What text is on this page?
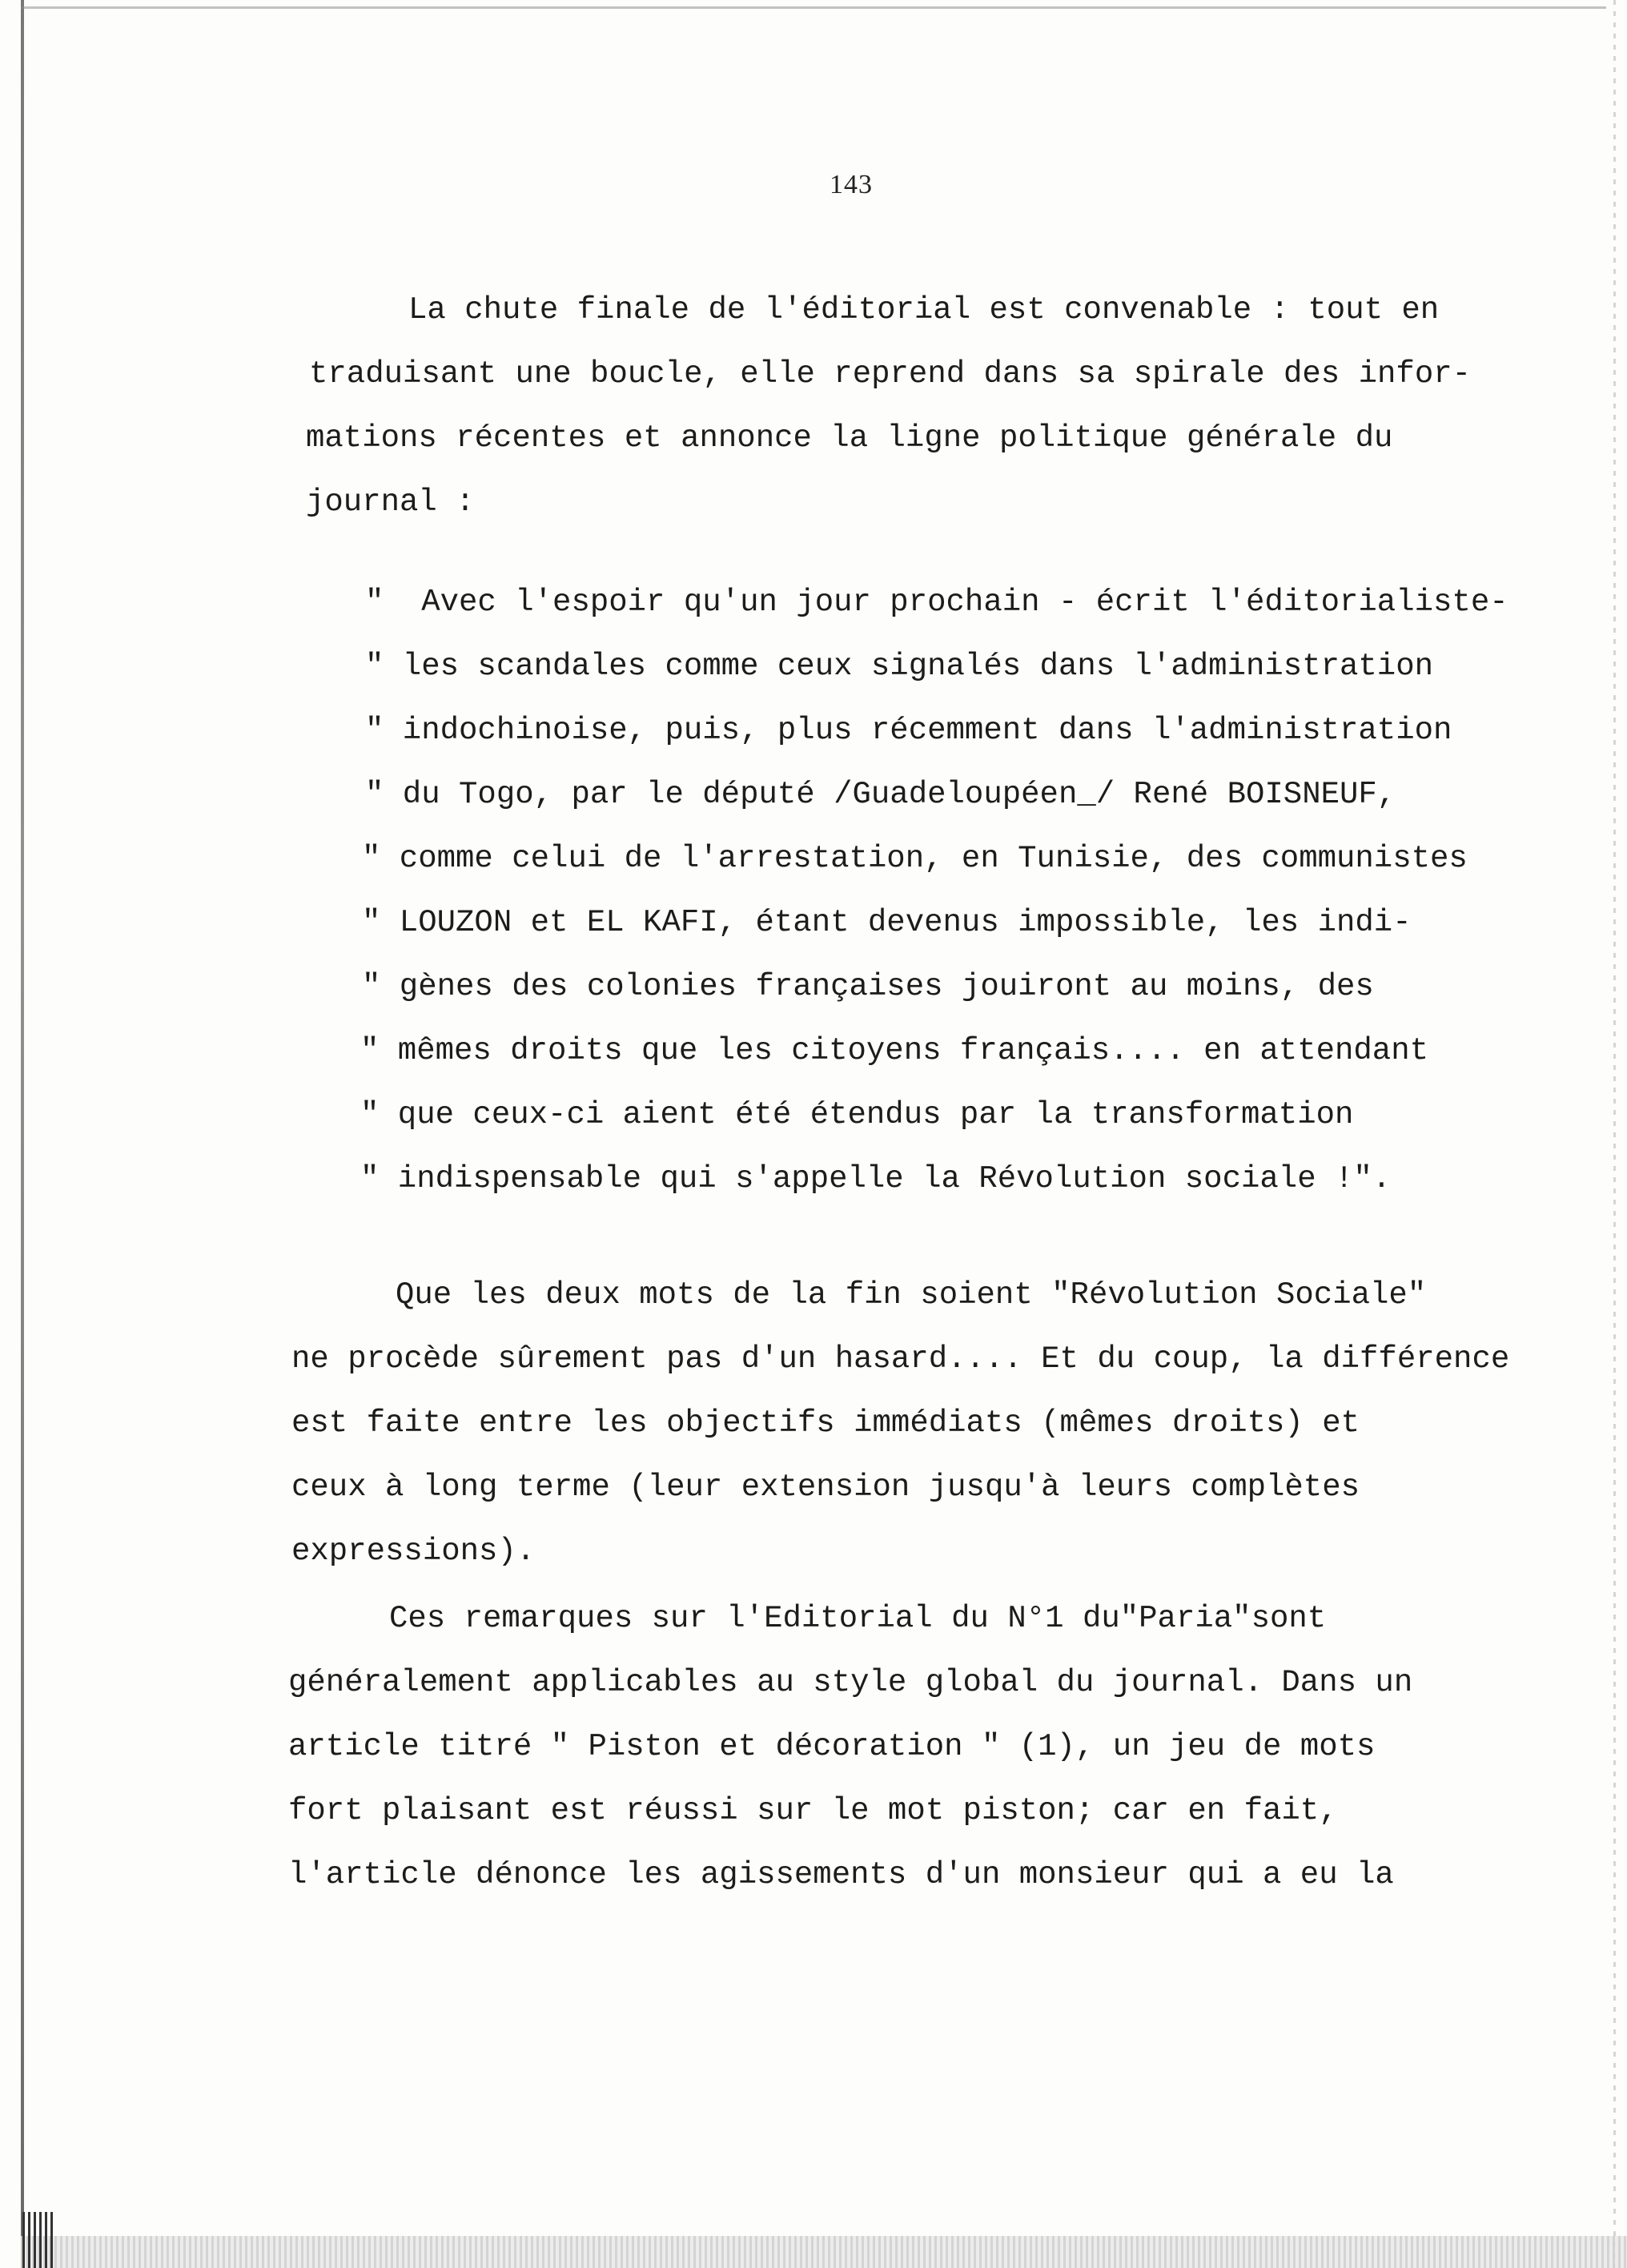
143
La chute finale de l'éditorial est convenable : tout en
traduisant une boucle, elle reprend dans sa spirale des infor-
mations récentes et annonce la ligne politique générale du
journal :
"  Avec l'espoir qu'un jour prochain - écrit l'éditorialiste-
" les scandales comme ceux signalés dans l'administration
" indochinoise, puis, plus récemment dans l'administration
" du Togo, par le député /Guadeloupéen_/ René BOISNEUF,
" comme celui de l'arrestation, en Tunisie, des communistes
" LOUZON et EL KAFI, étant devenus impossible, les indi-
" gènes des colonies françaises jouiront au moins, des
" mêmes droits que les citoyens français.... en attendant
" que ceux-ci aient été étendus par la transformation
" indispensable qui s'appelle la Révolution sociale !".
Que les deux mots de la fin soient "Révolution Sociale"
ne procède sûrement pas d'un hasard.... Et du coup, la différence
est faite entre les objectifs immédiats (mêmes droits) et
ceux à long terme (leur extension jusqu'à leurs complètes
expressions).
Ces remarques sur l'Editorial du N°1 du"Paria"sont
généralement applicables au style global du journal. Dans un
article titré " Piston et décoration " (1), un jeu de mots
fort plaisant est réussi sur le mot piston; car en fait,
l'article dénonce les agissements d'un monsieur qui a eu la
